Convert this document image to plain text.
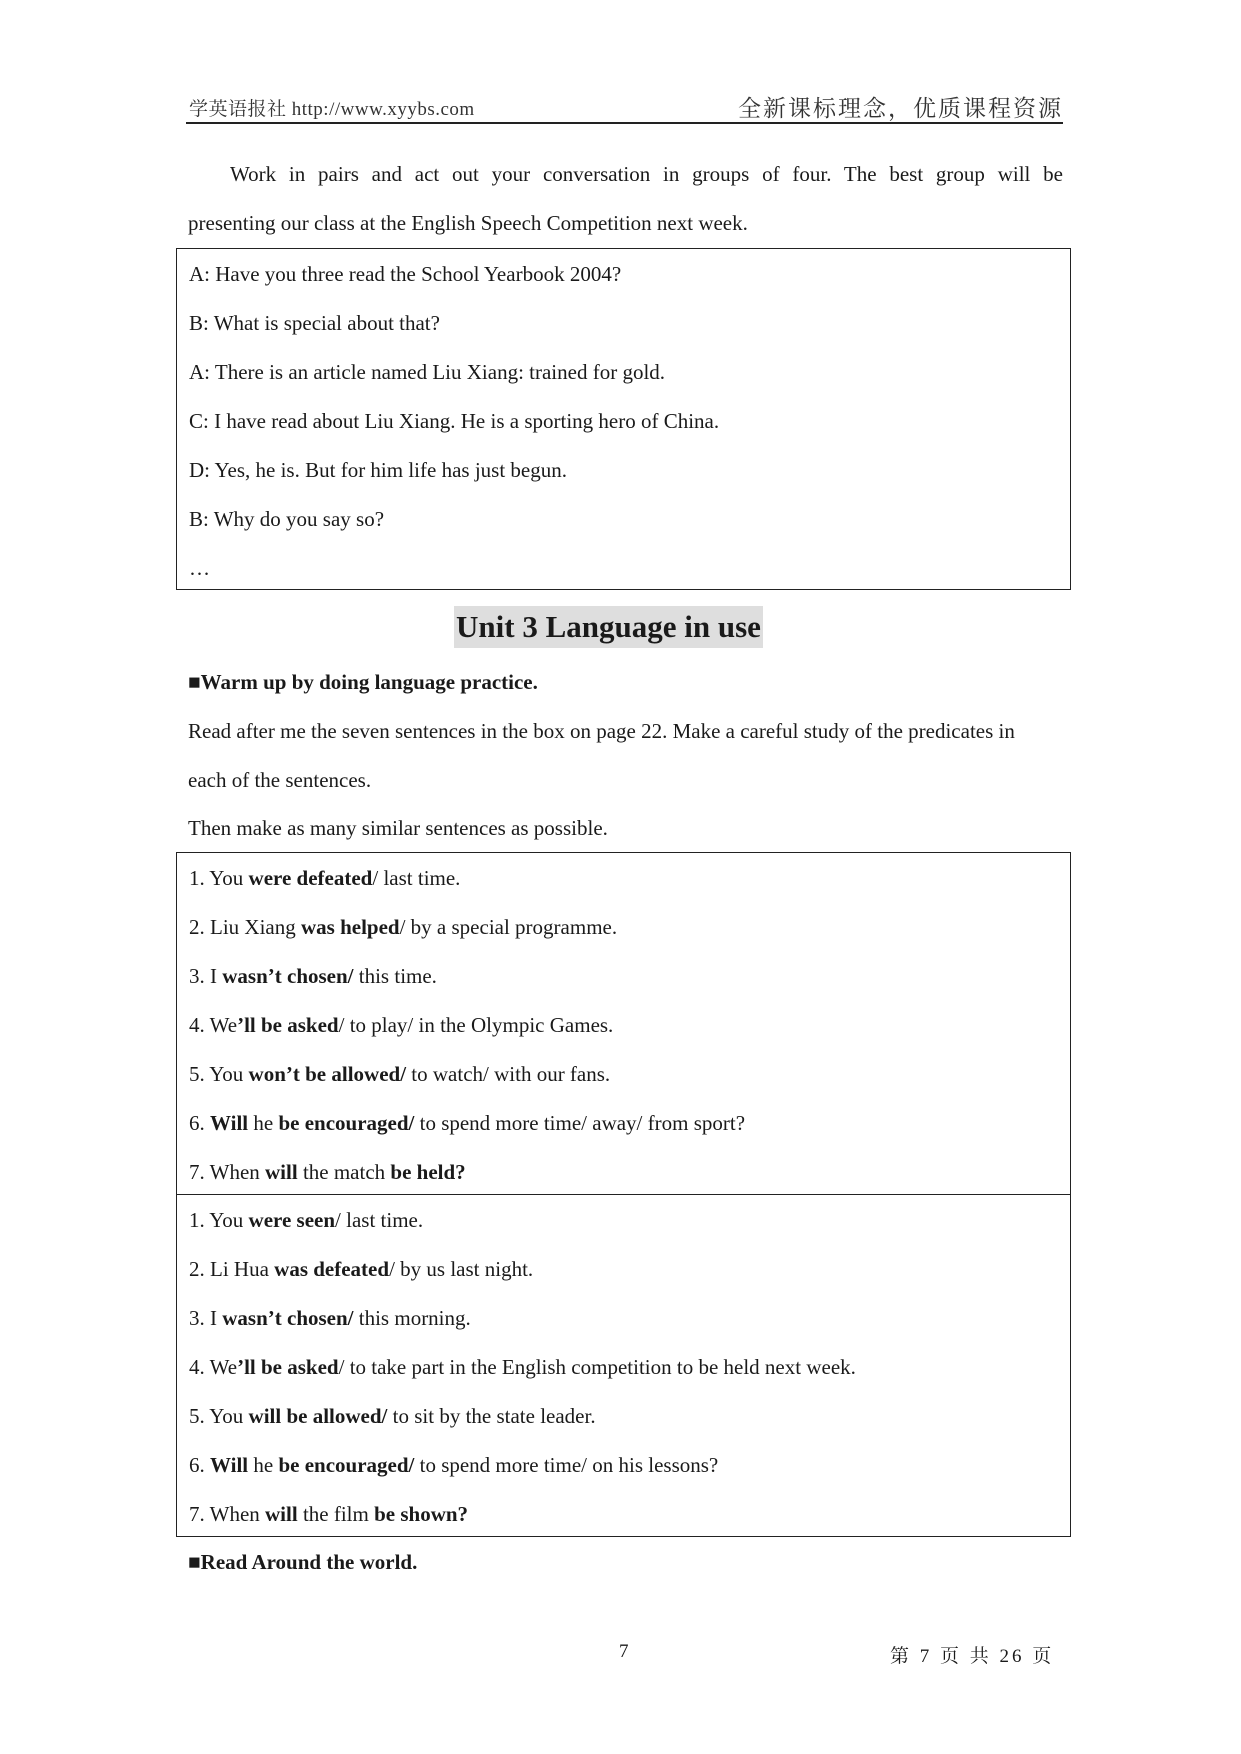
学英语报社 http://www.xyybs.com	全新课标理念，优质课程资源
Work in pairs and act out your conversation in groups of four. The best group will be
presenting our class at the English Speech Competition next week.
A: Have you three read the School Yearbook 2004?
B: What is special about that?
A: There is an article named Liu Xiang: trained for gold.
C: I have read about Liu Xiang. He is a sporting hero of China.
D: Yes, he is. But for him life has just begun.
B: Why do you say so?
…
Unit 3 Language in use
■Warm up by doing language practice.
Read after me the seven sentences in the box on page 22. Make a careful study of the predicates in
each of the sentences.
Then make as many similar sentences as possible.
1. You were defeated/ last time.
2. Liu Xiang was helped/ by a special programme.
3. I wasn’t chosen/ this time.
4. We’ll be asked/ to play/ in the Olympic Games.
5. You won’t be allowed/ to watch/ with our fans.
6. Will he be encouraged/ to spend more time/ away/ from sport?
7. When will the match be held?
1. You were seen/ last time.
2. Li Hua was defeated/ by us last night.
3. I wasn’t chosen/ this morning.
4. We’ll be asked/ to take part in the English competition to be held next week.
5. You will be allowed/ to sit by the state leader.
6. Will he be encouraged/ to spend more time/ on his lessons?
7. When will the film be shown?
■Read Around the world.
7	第 7 页 共 26 页
